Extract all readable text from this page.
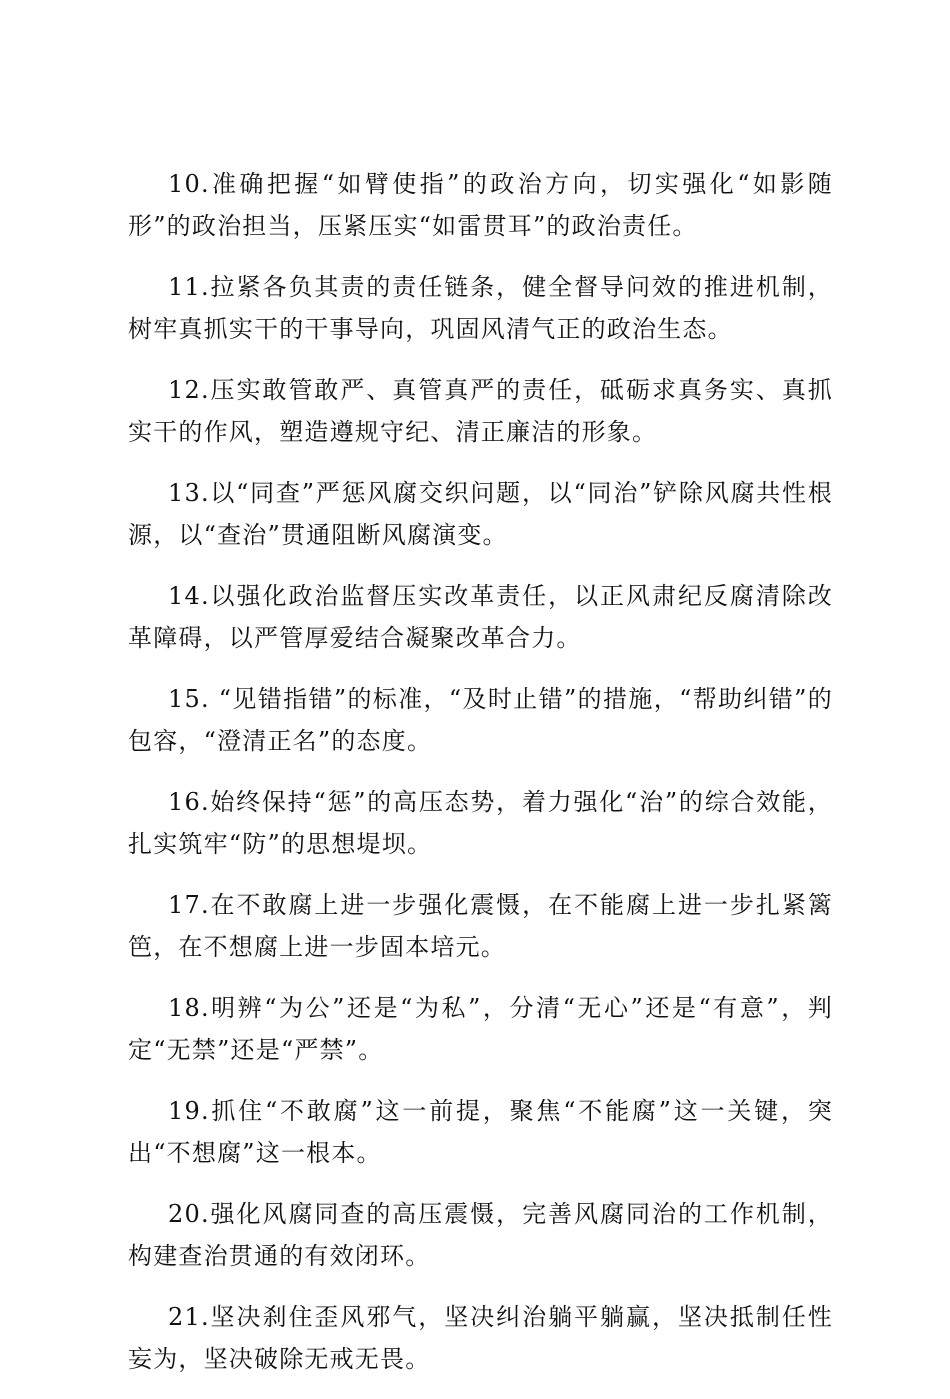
10.准确把握“如臂使指”的政治方向，切实强化“如影随形”的政治担当，压紧压实“如雷贯耳”的政治责任。

11.拉紧各负其责的责任链条，健全督导问效的推进机制，树牢真抓实干的干事导向，巩固风清气正的政治生态。

12.压实敢管敢严、真管真严的责任，砥砺求真务实、真抓实干的作风，塑造遵规守纪、清正廉洁的形象。

13.以“同查”严惩风腐交织问题，以“同治”铲除风腐共性根源，以“查治”贯通阻断风腐演变。

14.以强化政治监督压实改革责任，以正风肃纪反腐清除改革障碍，以严管厚爱结合凝聚改革合力。

15. “见错指错”的标准，“及时止错”的措施，“帮助纠错”的包容，“澄清正名”的态度。

16.始终保持“惩”的高压态势，着力强化“治”的综合效能，扎实筑牢“防”的思想堤坝。

17.在不敢腐上进一步强化震慑，在不能腐上进一步扎紧篱笆，在不想腐上进一步固本培元。

18.明辨“为公”还是“为私”，分清“无心”还是“有意”，判定“无禁”还是“严禁”。

19.抓住“不敢腐”这一前提，聚焦“不能腐”这一关键，突出“不想腐”这一根本。

20.强化风腐同查的高压震慑，完善风腐同治的工作机制，构建查治贯通的有效闭环。

21.坚决刹住歪风邪气，坚决纠治躺平躺赢，坚决抵制任性妄为，坚决破除无戒无畏。
